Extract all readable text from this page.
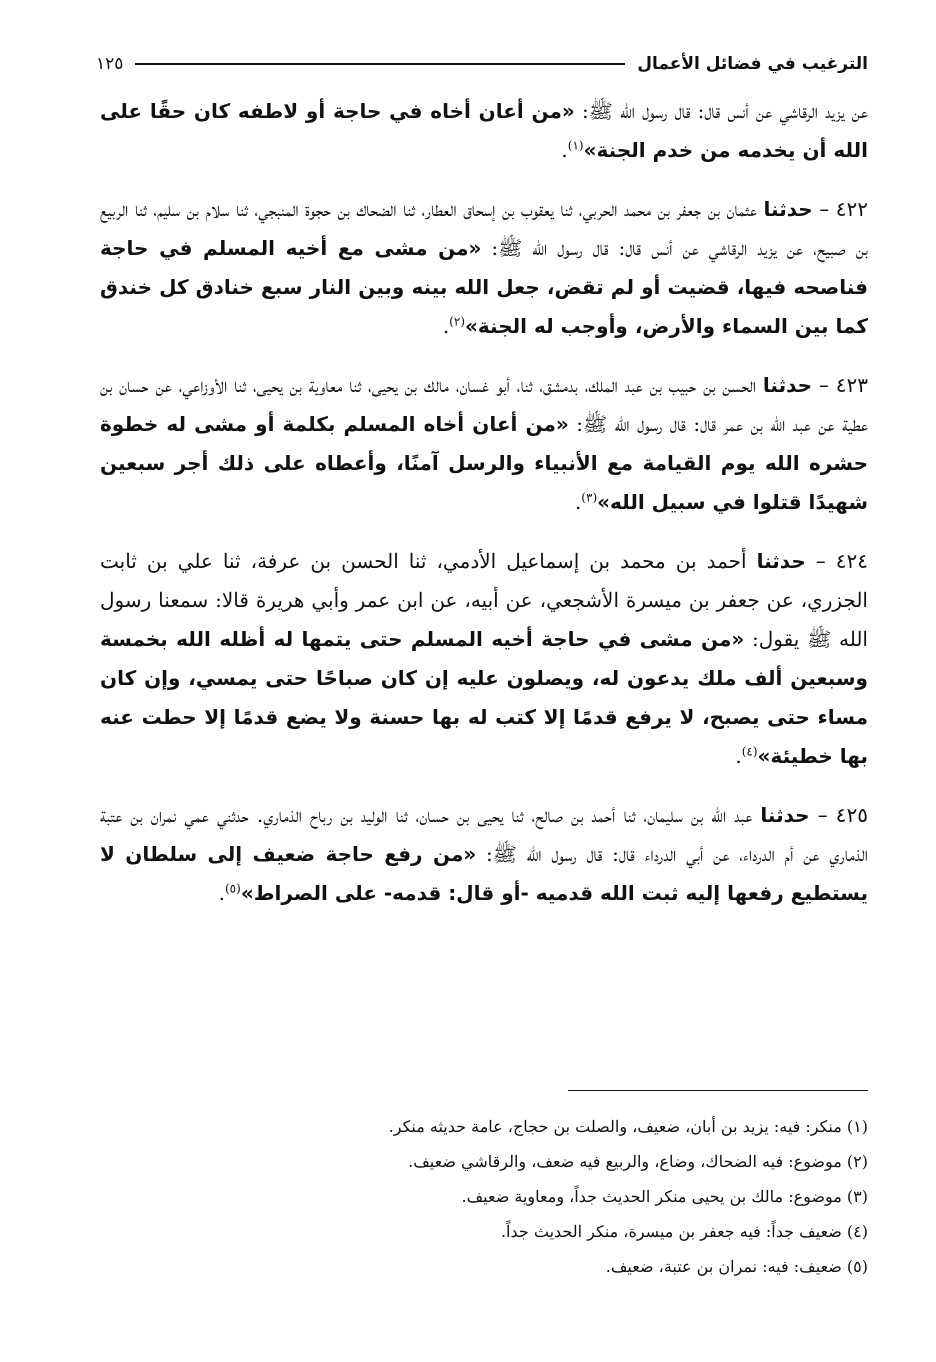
الترغيب في فضائل الأعمال
١٢٥

عن يزيد الرقاشي عن أنس قال: قال رسول الله ﷺ: «من أعان أخاه في حاجة أو لاطفه كان حقًا على الله أن يخدمه من خدم الجنة»$^{(١)}$.

٤٢٢ – حدثنا عثمان بن جعفر بن محمد الحربي، ثنا يعقوب بن إسحاق العطار، ثنا الضحاك بن حجوة المنبجي، ثنا سلام بن سليم، ثنا الربيع بن صبيح، عن يزيد الرقاشي عن أنس قال: قال رسول الله ﷺ: «من مشى مع أخيه المسلم في حاجة فناصحه فيها، قضيت أو لم تقض، جعل الله بينه وبين النار سبع خنادق كل خندق كما بين السماء والأرض، وأوجب له الجنة»$^{(٢)}$.

٤٢٣ – حدثنا الحسن بن حبيب بن عبد الملك، بدمشق، ثنا، أبو غسان، مالك بن يحيى، ثنا معاوية بن يحيى، ثنا الأوزاعي، عن حسان بن عطية عن عبد الله بن عمر قال: قال رسول الله ﷺ: «من أعان أخاه المسلم بكلمة أو مشى له خطوة حشره الله يوم القيامة مع الأنبياء والرسل آمنًا، وأعطاه على ذلك أجر سبعين شهيدًا قتلوا في سبيل الله»$^{(٣)}$.

٤٢٤ – حدثنا أحمد بن محمد بن إسماعيل الأدمي، ثنا الحسن بن عرفة، ثنا علي بن ثابت الجزري، عن جعفر بن ميسرة الأشجعي، عن أبيه، عن ابن عمر وأبي هريرة قالا: سمعنا رسول الله ﷺ يقول: «من مشى في حاجة أخيه المسلم حتى يتمها له أظله الله بخمسة وسبعين ألف ملك يدعون له، ويصلون عليه إن كان صباحًا حتى يمسي، وإن كان مساء حتى يصبح، لا يرفع قدمًا إلا كتب له بها حسنة ولا يضع قدمًا إلا حطت عنه بها خطيئة»$^{(٤)}$.

٤٢٥ – حدثنا عبد الله بن سليمان، ثنا أحمد بن صالح، ثنا يحيى بن حسان، ثنا الوليد بن رباح الذماري. حدثني عمي نمران بن عتبة الذماري عن أم الدرداء، عن أبي الدرداء قال: قال رسول الله ﷺ: «من رفع حاجة ضعيف إلى سلطان لا يستطيع رفعها إليه ثبت الله قدميه -أو قال: قدمه- على الصراط»$^{(٥)}$.

(١) منكر: فيه: يزيد بن أبان، ضعيف، والصلت بن حجاج، عامة حديثه منكر.

(٢) موضوع: فيه الضحاك، وضاع، والربيع فيه ضعف، والرقاشي ضعيف.

(٣) موضوع: مالك بن يحيى منكر الحديث جداً، ومعاوية ضعيف.

(٤) ضعيف جداً: فيه جعفر بن ميسرة، منكر الحديث جداً.

(٥) ضعيف: فيه: نمران بن عتبة، ضعيف.
